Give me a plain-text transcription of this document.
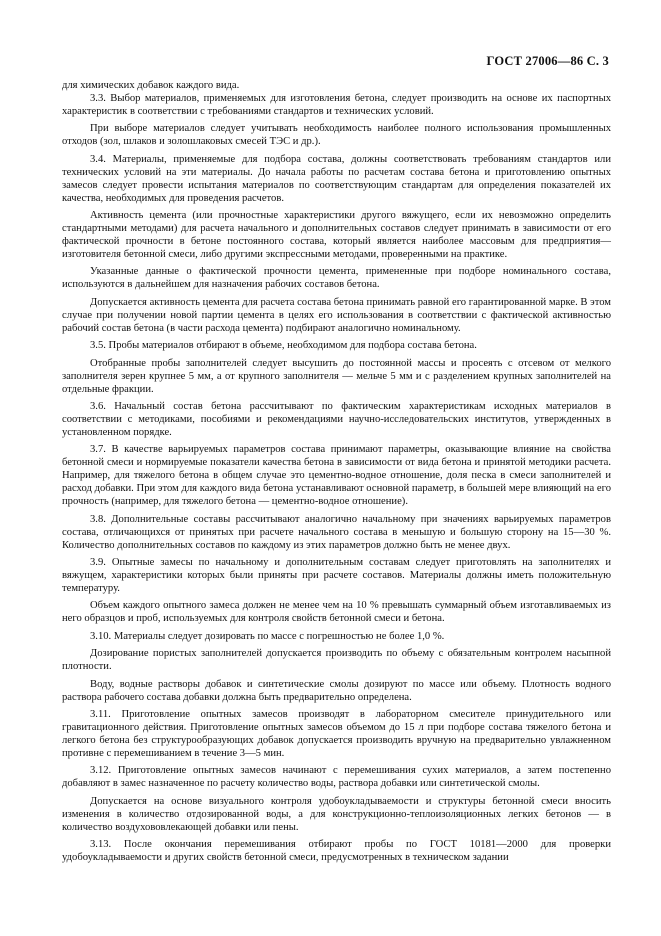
ГОСТ 27006—86 С. 3

для химических добавок каждого вида.

3.3. Выбор материалов, применяемых для изготовления бетона, следует производить на основе их паспортных характеристик в соответствии с требованиями стандартов и технических условий.

При выборе материалов следует учитывать необходимость наиболее полного использования промышленных отходов (зол, шлаков и золошлаковых смесей ТЭС и др.).

3.4. Материалы, применяемые для подбора состава, должны соответствовать требованиям стандартов или технических условий на эти материалы. До начала работы по расчетам состава бетона и приготовлению опытных замесов следует провести испытания материалов по соответствующим стандартам для определения показателей их качества, необходимых для проведения расчетов.

Активность цемента (или прочностные характеристики другого вяжущего, если их невозможно определить стандартными методами) для расчета начального и дополнительных составов следует принимать в зависимости от его фактической прочности в бетоне постоянного состава, который является наиболее массовым для предприятия—изготовителя бетонной смеси, либо другими экспрессными методами, проверенными на практике.

Указанные данные о фактической прочности цемента, примененные при подборе номинального состава, используются в дальнейшем для назначения рабочих составов бетона.

Допускается активность цемента для расчета состава бетона принимать равной его гарантированной марке. В этом случае при получении новой партии цемента в целях его использования в соответствии с фактической активностью рабочий состав бетона (в части расхода цемента) подбирают аналогично номинальному.

3.5. Пробы материалов отбирают в объеме, необходимом для подбора состава бетона.

Отобранные пробы заполнителей следует высушить до постоянной массы и просеять с отсевом от мелкого заполнителя зерен крупнее 5 мм, а от крупного заполнителя — мельче 5 мм и с разделением крупных заполнителей на отдельные фракции.

3.6. Начальный состав бетона рассчитывают по фактическим характеристикам исходных материалов в соответствии с методиками, пособиями и рекомендациями научно-исследовательских институтов, утвержденных в установленном порядке.

3.7. В качестве варьируемых параметров состава принимают параметры, оказывающие влияние на свойства бетонной смеси и нормируемые показатели качества бетона в зависимости от вида бетона и принятой методики расчета. Например, для тяжелого бетона в общем случае это цементно-водное отношение, доля песка в смеси заполнителей и расход добавки. При этом для каждого вида бетона устанавливают основной параметр, в большей мере влияющий на его прочность (например, для тяжелого бетона — цементно-водное отношение).

3.8. Дополнительные составы рассчитывают аналогично начальному при значениях варьируемых параметров состава, отличающихся от принятых при расчете начального состава в меньшую и большую сторону на 15—30 %. Количество дополнительных составов по каждому из этих параметров должно быть не менее двух.

3.9. Опытные замесы по начальному и дополнительным составам следует приготовлять на заполнителях и вяжущем, характеристики которых были приняты при расчете составов. Материалы должны иметь положительную температуру.

Объем каждого опытного замеса должен не менее чем на 10 % превышать суммарный объем изготавливаемых из него образцов и проб, используемых для контроля свойств бетонной смеси и бетона.

3.10. Материалы следует дозировать по массе с погрешностью не более 1,0 %.

Дозирование пористых заполнителей допускается производить по объему с обязательным контролем насыпной плотности.

Воду, водные растворы добавок и синтетические смолы дозируют по массе или объему. Плотность водного раствора рабочего состава добавки должна быть предварительно определена.

3.11. Приготовление опытных замесов производят в лабораторном смесителе принудительного или гравитационного действия. Приготовление опытных замесов объемом до 15 л при подборе состава тяжелого бетона и легкого бетона без структурообразующих добавок допускается производить вручную на предварительно увлажненном противне с перемешиванием в течение 3—5 мин.

3.12. Приготовление опытных замесов начинают с перемешивания сухих материалов, а затем постепенно добавляют в замес назначенное по расчету количество воды, раствора добавки или синтетической смолы.

Допускается на основе визуального контроля удобоукладываемости и структуры бетонной смеси вносить изменения в количество отдозированной воды, а для конструкционно-теплоизоляционных легких бетонов — в количество воздухововлекающей добавки или пены.

3.13. После окончания перемешивания отбирают пробы по ГОСТ 10181—2000 для проверки удобоукладываемости и других свойств бетонной смеси, предусмотренных в техническом задании
